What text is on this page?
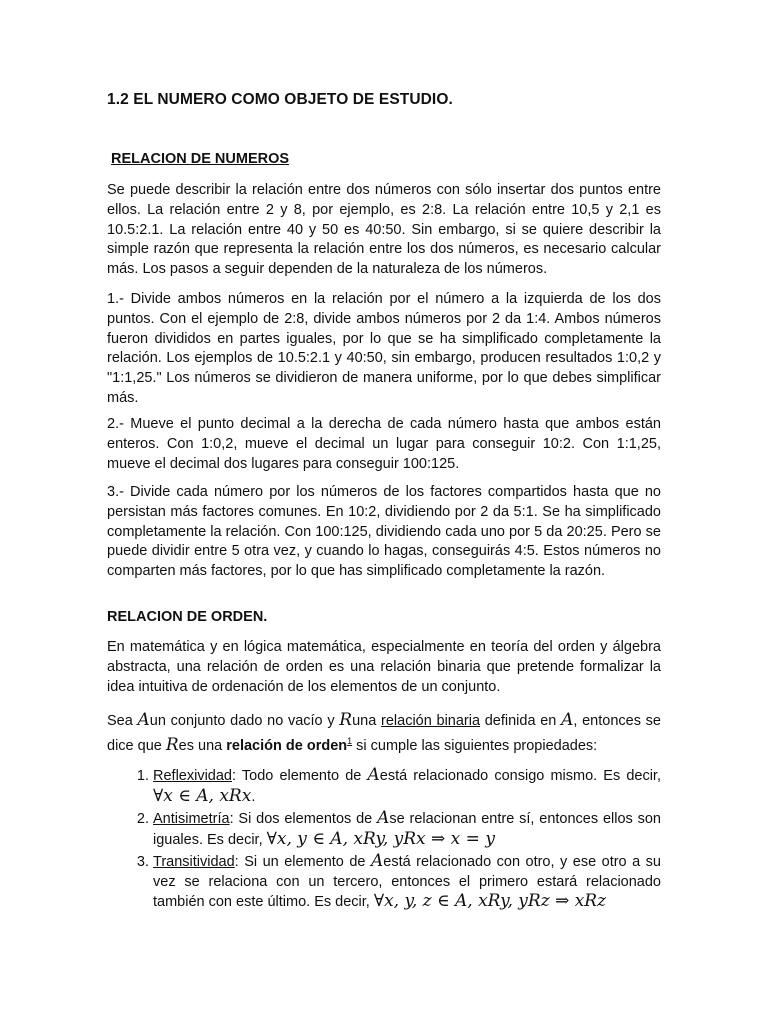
1.2 EL NUMERO COMO OBJETO DE ESTUDIO.

RELACION DE NUMEROS

Se puede describir la relación entre dos números con sólo insertar dos puntos entre ellos. La relación entre 2 y 8, por ejemplo, es 2:8. La relación entre 10,5 y 2,1 es 10.5:2.1. La relación entre 40 y 50 es 40:50. Sin embargo, si se quiere describir la simple razón que representa la relación entre los dos números, es necesario calcular más. Los pasos a seguir dependen de la naturaleza de los números.

1.- Divide ambos números en la relación por el número a la izquierda de los dos puntos. Con el ejemplo de 2:8, divide ambos números por 2 da 1:4. Ambos números fueron divididos en partes iguales, por lo que se ha simplificado completamente la relación. Los ejemplos de 10.5:2.1 y 40:50, sin embargo, producen resultados 1:0,2 y "1:1,25." Los números se dividieron de manera uniforme, por lo que debes simplificar más.

2.- Mueve el punto decimal a la derecha de cada número hasta que ambos están enteros. Con 1:0,2, mueve el decimal un lugar para conseguir 10:2. Con 1:1,25, mueve el decimal dos lugares para conseguir 100:125.

3.- Divide cada número por los números de los factores compartidos hasta que no persistan más factores comunes. En 10:2, dividiendo por 2 da 5:1. Se ha simplificado completamente la relación. Con 100:125, dividiendo cada uno por 5 da 20:25. Pero se puede dividir entre 5 otra vez, y cuando lo hagas, conseguirás 4:5. Estos números no comparten más factores, por lo que has simplificado completamente la razón.

RELACION DE ORDEN.

En matemática y en lógica matemática, especialmente en teoría del orden y álgebra abstracta, una relación de orden es una relación binaria que pretende formalizar la idea intuitiva de ordenación de los elementos de un conjunto.

Sea Aun conjunto dado no vacío y Runa relación binaria definida en A, entonces se dice que Res una relación de orden$^1$ si cumple las siguientes propiedades:

1. Reflexividad: Todo elemento de Aestá relacionado consigo mismo. Es decir, ∀x ∈ A, xRx.
2. Antisimetría: Si dos elementos de Ase relacionan entre sí, entonces ellos son iguales. Es decir, ∀x, y ∈ A, xRy, yRx ⇒ x = y
3. Transitividad: Si un elemento de Aestá relacionado con otro, y ese otro a su vez se relaciona con un tercero, entonces el primero estará relacionado también con este último. Es decir, ∀x, y, z ∈ A, xRy, yRz ⇒ xRz
